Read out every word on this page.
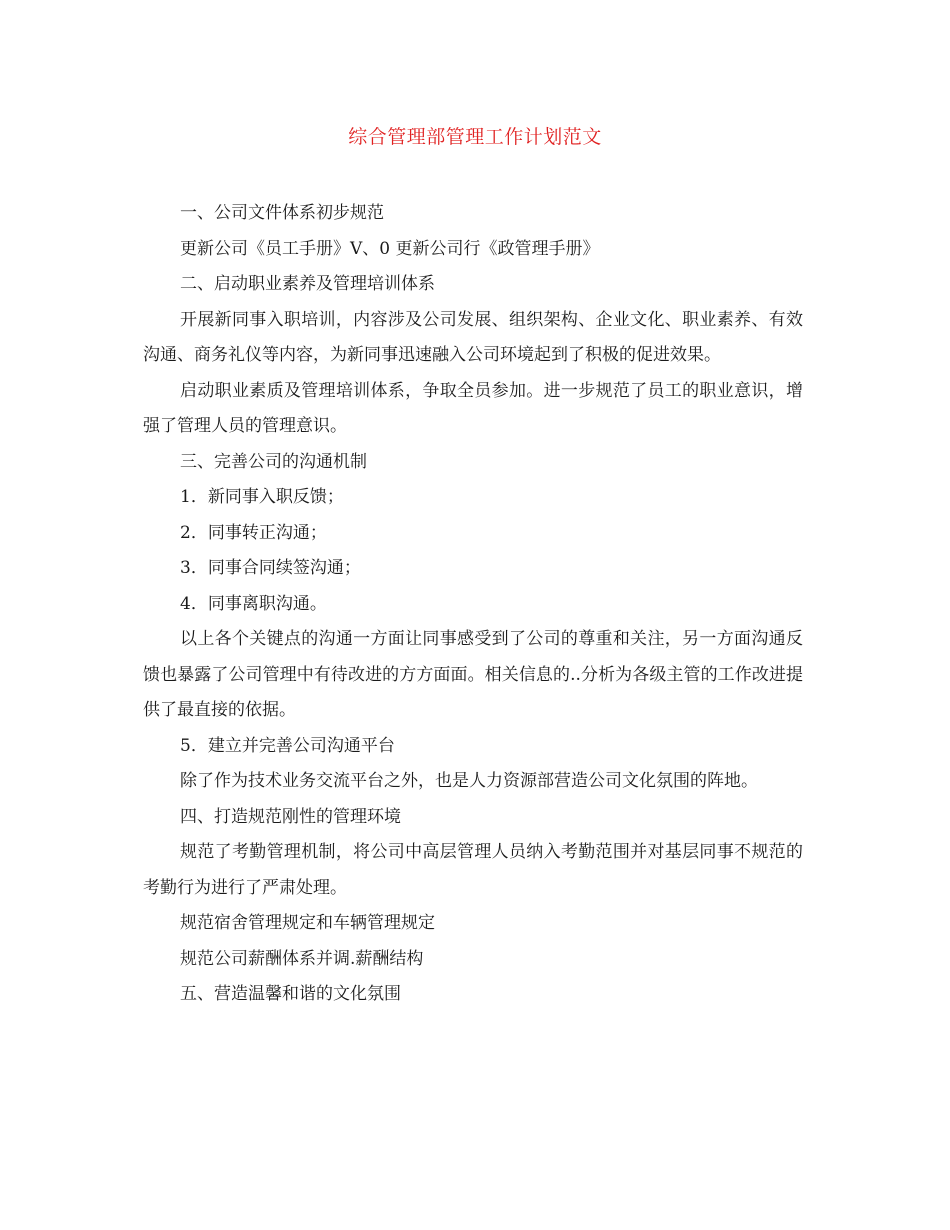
综合管理部管理工作计划范文

一、公司文件体系初步规范

更新公司《员工手册》V、0 更新公司行《政管理手册》

二、启动职业素养及管理培训体系

开展新同事入职培训，内容涉及公司发展、组织架构、企业文化、职业素养、有效沟通、商务礼仪等内容，为新同事迅速融入公司环境起到了积极的促进效果。

启动职业素质及管理培训体系，争取全员参加。进一步规范了员工的职业意识，增强了管理人员的管理意识。

三、完善公司的沟通机制

1．新同事入职反馈；

2．同事转正沟通；

3．同事合同续签沟通；

4．同事离职沟通。

以上各个关键点的沟通一方面让同事感受到了公司的尊重和关注，另一方面沟通反馈也暴露了公司管理中有待改进的方方面面。相关信息的..分析为各级主管的工作改进提供了最直接的依据。

5．建立并完善公司沟通平台

除了作为技术业务交流平台之外，也是人力资源部营造公司文化氛围的阵地。

四、打造规范刚性的管理环境

规范了考勤管理机制，将公司中高层管理人员纳入考勤范围并对基层同事不规范的考勤行为进行了严肃处理。

规范宿舍管理规定和车辆管理规定

规范公司薪酬体系并调.薪酬结构

五、营造温馨和谐的文化氛围
